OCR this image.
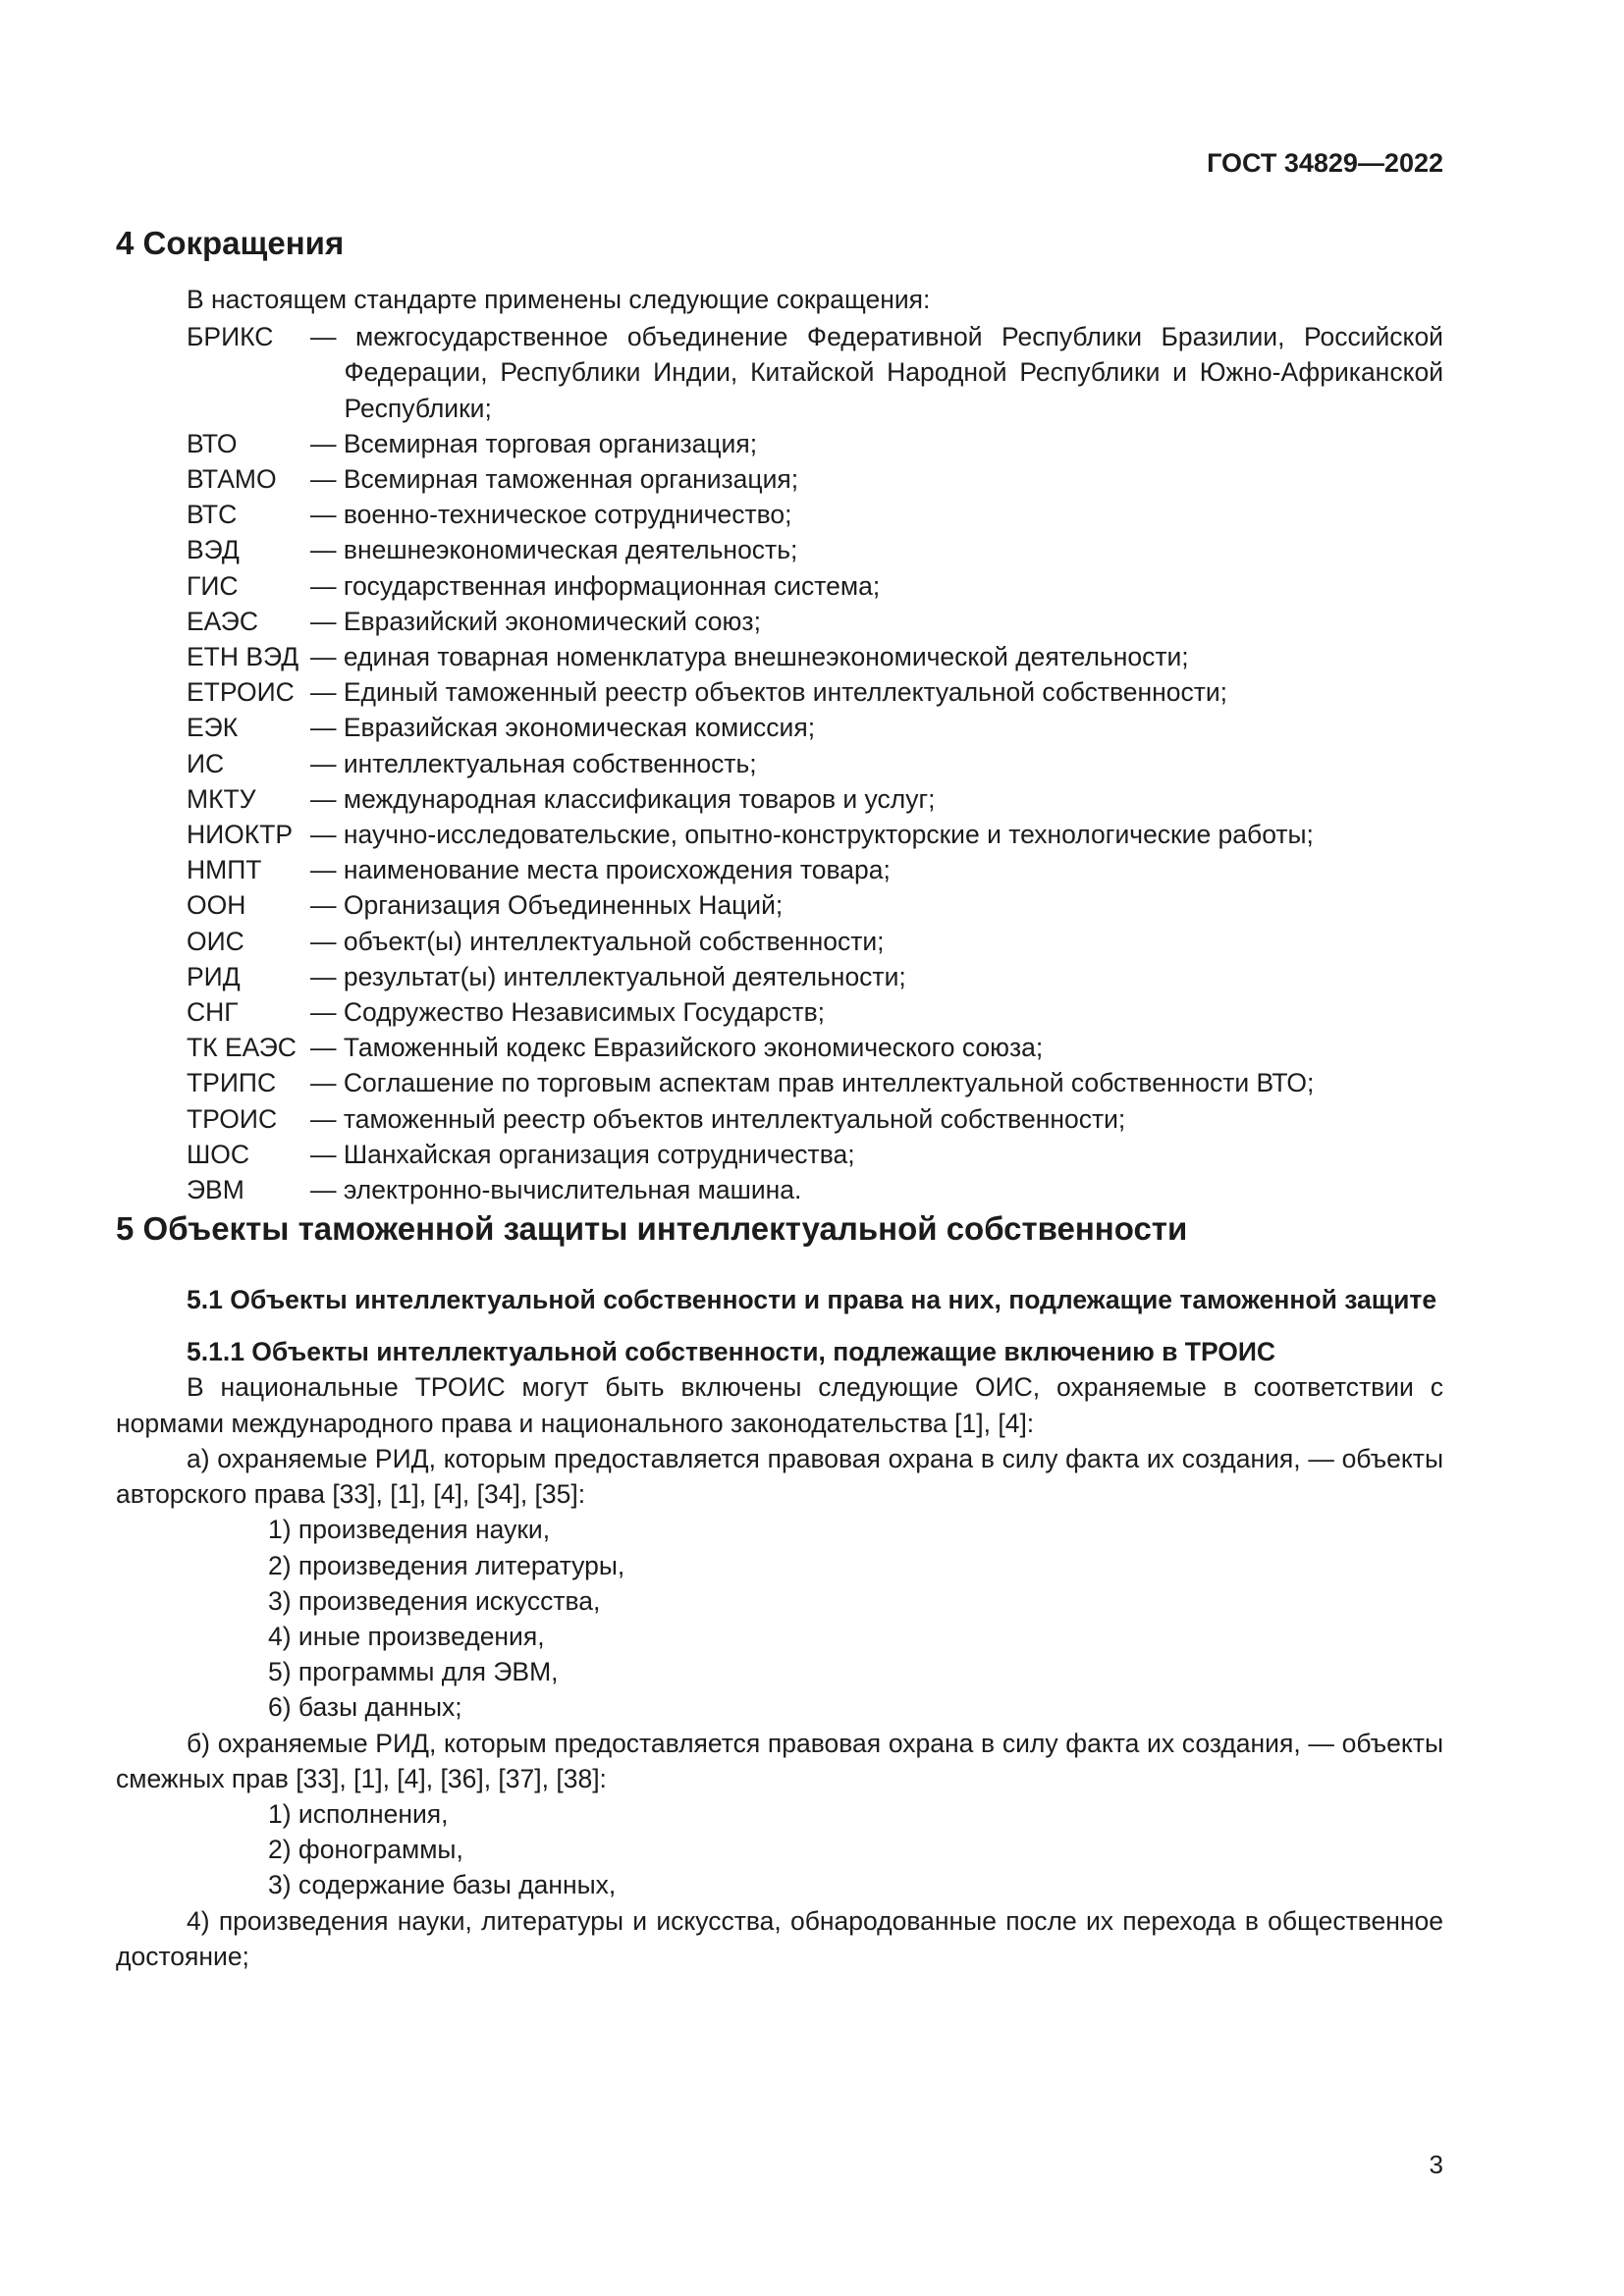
ГОСТ 34829—2022
4 Сокращения
В настоящем стандарте применены следующие сокращения:
БРИКС	— межгосударственное объединение Федеративной Республики Бразилии, Российской Федерации, Республики Индии, Китайской Народной Республики и Южно-Африканской Республики;
ВТО	— Всемирная торговая организация;
ВТАМО	— Всемирная таможенная организация;
ВТС	— военно-техническое сотрудничество;
ВЭД	— внешнеэкономическая деятельность;
ГИС	— государственная информационная система;
ЕАЭС	— Евразийский экономический союз;
ЕТН ВЭД — единая товарная номенклатура внешнеэкономической деятельности;
ЕТРОИС — Единый таможенный реестр объектов интеллектуальной собственности;
ЕЭК	— Евразийская экономическая комиссия;
ИС	— интеллектуальная собственность;
МКТУ	— международная классификация товаров и услуг;
НИОКТР — научно-исследовательские, опытно-конструкторские и технологические работы;
НМПТ	— наименование места происхождения товара;
ООН	— Организация Объединенных Наций;
ОИС	— объект(ы) интеллектуальной собственности;
РИД	— результат(ы) интеллектуальной деятельности;
СНГ	— Содружество Независимых Государств;
ТК ЕАЭС — Таможенный кодекс Евразийского экономического союза;
ТРИПС	— Соглашение по торговым аспектам прав интеллектуальной собственности ВТО;
ТРОИС	— таможенный реестр объектов интеллектуальной собственности;
ШОС	— Шанхайская организация сотрудничества;
ЭВМ	— электронно-вычислительная машина.
5 Объекты таможенной защиты интеллектуальной собственности
5.1 Объекты интеллектуальной собственности и права на них, подлежащие таможенной защите
5.1.1 Объекты интеллектуальной собственности, подлежащие включению в ТРОИС

В национальные ТРОИС могут быть включены следующие ОИС, охраняемые в соответствии с нормами международного права и национального законодательства [1], [4]:

а) охраняемые РИД, которым предоставляется правовая охрана в силу факта их создания, — объекты авторского права [33], [1], [4], [34], [35]:

1) произведения науки,
2) произведения литературы,
3) произведения искусства,
4) иные произведения,
5) программы для ЭВМ,
6) базы данных;

б) охраняемые РИД, которым предоставляется правовая охрана в силу факта их создания, — объекты смежных прав [33], [1], [4], [36], [37], [38]:

1) исполнения,
2) фонограммы,
3) содержание базы данных,
4) произведения науки, литературы и искусства, обнародованные после их перехода в общественное достояние;
3
